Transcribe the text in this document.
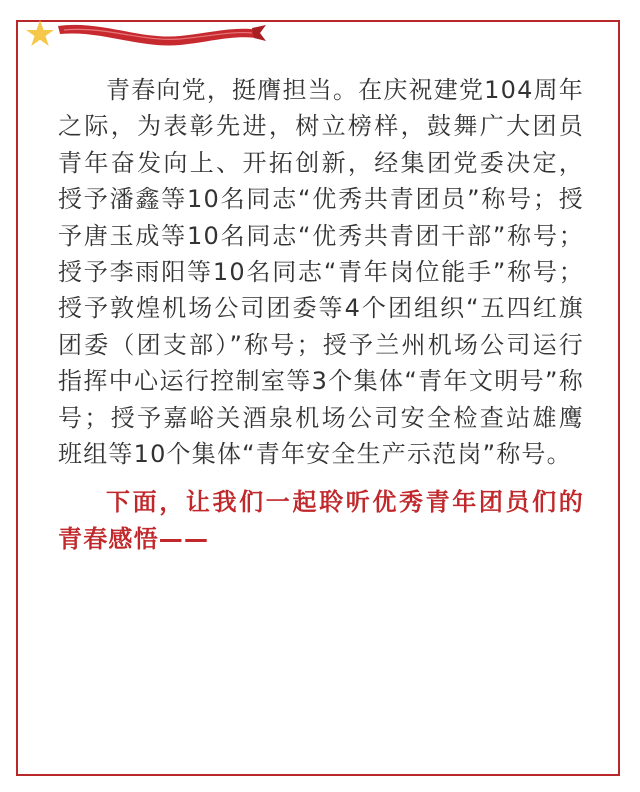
青春向党，挺膺担当。在庆祝建党104周年之际，为表彰先进，树立榜样，鼓舞广大团员青年奋发向上、开拓创新，经集团党委决定，授予潘鑫等10名同志“优秀共青团员”称号；授予唐玉成等10名同志“优秀共青团干部”称号；授予李雨阳等10名同志“青年岗位能手”称号；授予敦煌机场公司团委等4个团组织“五四红旗团委（团支部）”称号；授予兰州机场公司运行指挥中心运行控制室等3个集体“青年文明号”称号；授予嘉峪关酒泉机场公司安全检查站雄鹰班组等10个集体“青年安全生产示范岗”称号。

下面，让我们一起聆听优秀青年团员们的青春感悟——
